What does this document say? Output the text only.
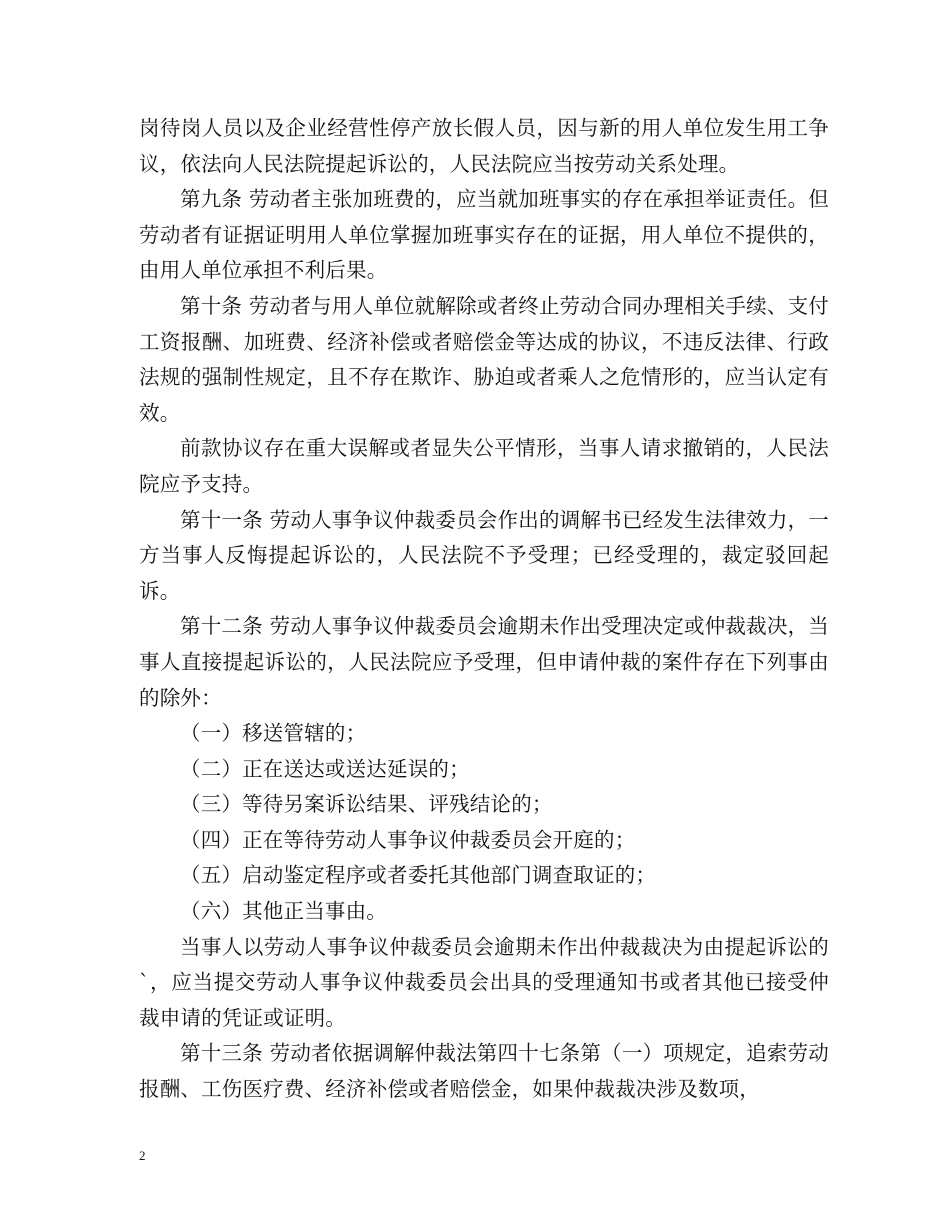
岗待岗人员以及企业经营性停产放长假人员，因与新的用人单位发生用工争议，依法向人民法院提起诉讼的，人民法院应当按劳动关系处理。

第九条 劳动者主张加班费的，应当就加班事实的存在承担举证责任。但劳动者有证据证明用人单位掌握加班事实存在的证据，用人单位不提供的，由用人单位承担不利后果。

第十条 劳动者与用人单位就解除或者终止劳动合同办理相关手续、支付工资报酬、加班费、经济补偿或者赔偿金等达成的协议，不违反法律、行政法规的强制性规定，且不存在欺诈、胁迫或者乘人之危情形的，应当认定有效。

前款协议存在重大误解或者显失公平情形，当事人请求撤销的，人民法院应予支持。

第十一条 劳动人事争议仲裁委员会作出的调解书已经发生法律效力，一方当事人反悔提起诉讼的，人民法院不予受理；已经受理的，裁定驳回起诉。

第十二条 劳动人事争议仲裁委员会逾期未作出受理决定或仲裁裁决，当事人直接提起诉讼的，人民法院应予受理，但申请仲裁的案件存在下列事由的除外：

（一）移送管辖的；

（二）正在送达或送达延误的；

（三）等待另案诉讼结果、评残结论的；

（四）正在等待劳动人事争议仲裁委员会开庭的；

（五）启动鉴定程序或者委托其他部门调查取证的；

（六）其他正当事由。

当事人以劳动人事争议仲裁委员会逾期未作出仲裁裁决为由提起诉讼的`，应当提交劳动人事争议仲裁委员会出具的受理通知书或者其他已接受仲裁申请的凭证或证明。

第十三条 劳动者依据调解仲裁法第四十七条第（一）项规定，追索劳动报酬、工伤医疗费、经济补偿或者赔偿金，如果仲裁裁决涉及数项，

2
